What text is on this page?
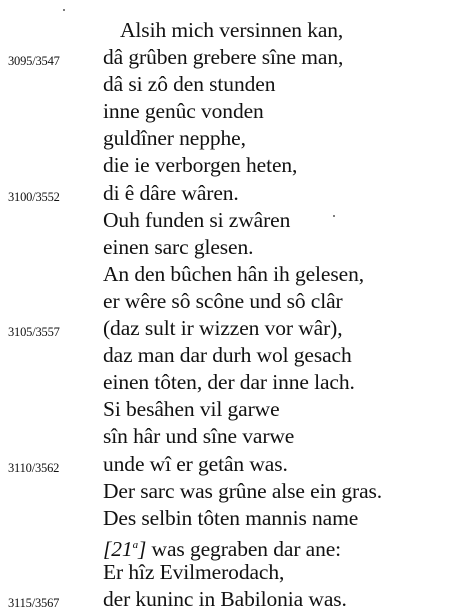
Alsih mich versinnen kan,
3095/3547 dâ grûben grebere sîne man,
dâ si zô den stunden
inne genûc vonden
guldîner nepphe,
die ie verborgen heten,
3100/3552 di ê dâre wâren.
Ouh funden si zwâren
einen sarc glesen.
An den bûchen hân ih gelesen,
er wêre sô scône und sô clâr
3105/3557 (daz sult ir wizzen vor wâr),
daz man dar durh wol gesach
einen tôten, der dar inne lach.
Si besâhen vil garwe
sîn hâr und sîne varwe
3110/3562 unde wî er getân was.
Der sarc was grûne alse ein gras.
Des selbin tôten mannis name
[21$^a$] was gegraben dar ane:
Er hîz Evilmerodach,
3115/3567 der kuninc in Babilonia was.
